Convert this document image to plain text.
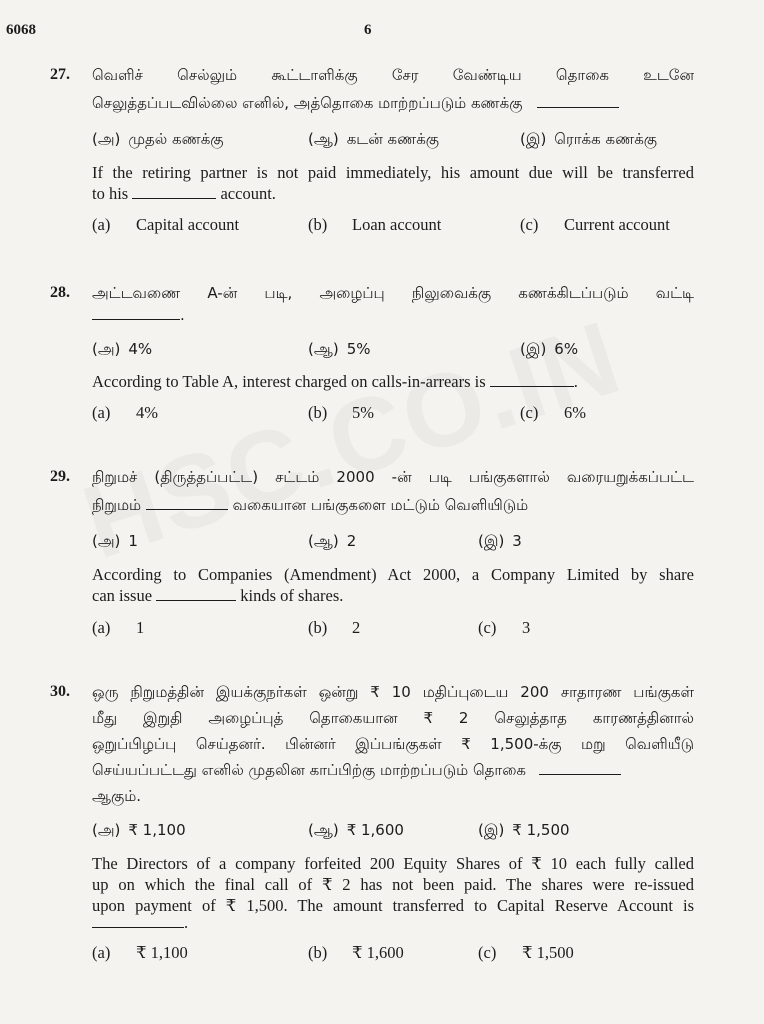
6068	6
27. வெளிச் செல்லும் கூட்டாளிக்கு சேர வேண்டிய தொகை உடனே
செலுத்தப்படவில்லை எனில், அத்தொகை மாற்றப்படும் கணக்கு
(அ) முதல் கணக்கு	(ஆ) கடன் கணக்கு	(இ) ரொக்க கணக்கு
If the retiring partner is not paid immediately, his amount due will be transferred
to his	account.
(a) Capital account	(b) Loan account	(c) Current account
28. அட்டவணை A-ன் படி, அழைப்பு நிலுவைக்கு கணக்கிடப்படும் வட்டி
.
(அ) 4%	(ஆ) 5%	(இ) 6%
According to Table A, interest charged on calls-in-arrears is	.
(a) 4%	(b) 5%	(c) 6%
29. நிறுமச் (திருத்தப்பட்ட) சட்டம் 2000 -ன் படி பங்குகளால் வரையறுக்கப்பட்ட
நிறுமம்	வகையான பங்குகளை மட்டும் வெளியிடும்
(அ) 1	(ஆ) 2	(இ) 3
According to Companies (Amendment) Act 2000, a Company Limited by share
can issue	kinds of shares.
(a) 1	(b) 2	(c) 3
30. ஒரு நிறுமத்தின் இயக்குநர்கள் ஒன்று ₹ 10 மதிப்புடைய 200 சாதாரண பங்குகள்
மீது இறுதி அழைப்புத் தொகையான ₹ 2 செலுத்தாத காரணத்தினால்
ஒறுப்பிழப்பு செய்தனர். பின்னர் இப்பங்குகள் ₹ 1,500-க்கு மறு வெளியீடு
செய்யப்பட்டது எனில் முதலின காப்பிற்கு மாற்றப்படும் தொகை
ஆகும்.
(அ) ₹ 1,100	(ஆ) ₹ 1,600	(இ) ₹ 1,500
The Directors of a company forfeited 200 Equity Shares of ₹ 10 each fully called
up on which the final call of ₹ 2 has not been paid. The shares were re-issued
upon payment of ₹ 1,500. The amount transferred to Capital Reserve Account is
.
(a) ₹ 1,100	(b) ₹ 1,600	(c) ₹ 1,500
